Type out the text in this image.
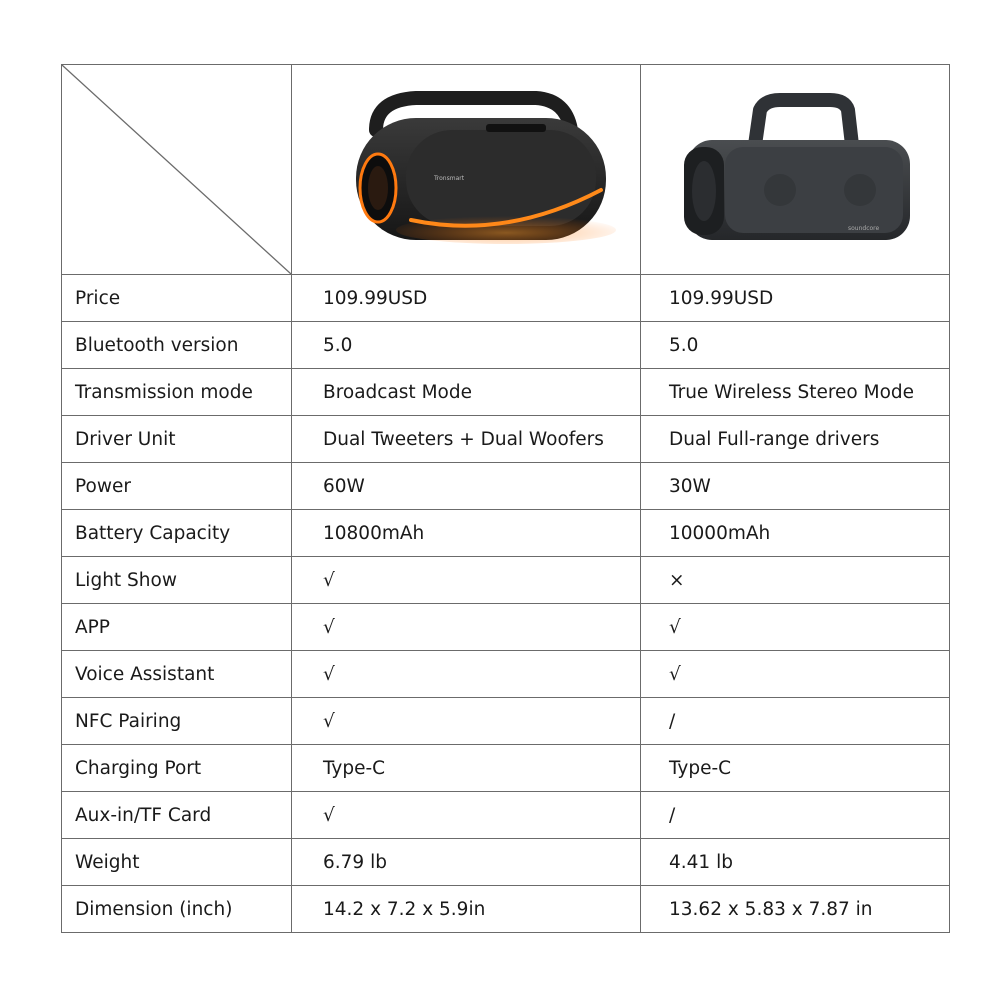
Tronsmart	soundcore

Price	109.99USD	109.99USD
Bluetooth version	5.0	5.0
Transmission mode	Broadcast Mode	True Wireless Stereo Mode
Driver Unit	Dual Tweeters + Dual Woofers	Dual Full-range drivers
Power	60W	30W
Battery Capacity	10800mAh	10000mAh
Light Show	√	×
APP	√	√
Voice Assistant	√	√
NFC Pairing	√	/
Charging Port	Type-C	Type-C
Aux-in/TF Card	√	/
Weight	6.79 lb	4.41 lb
Dimension (inch)	14.2 x 7.2 x 5.9in	13.62 x 5.83 x 7.87 in
